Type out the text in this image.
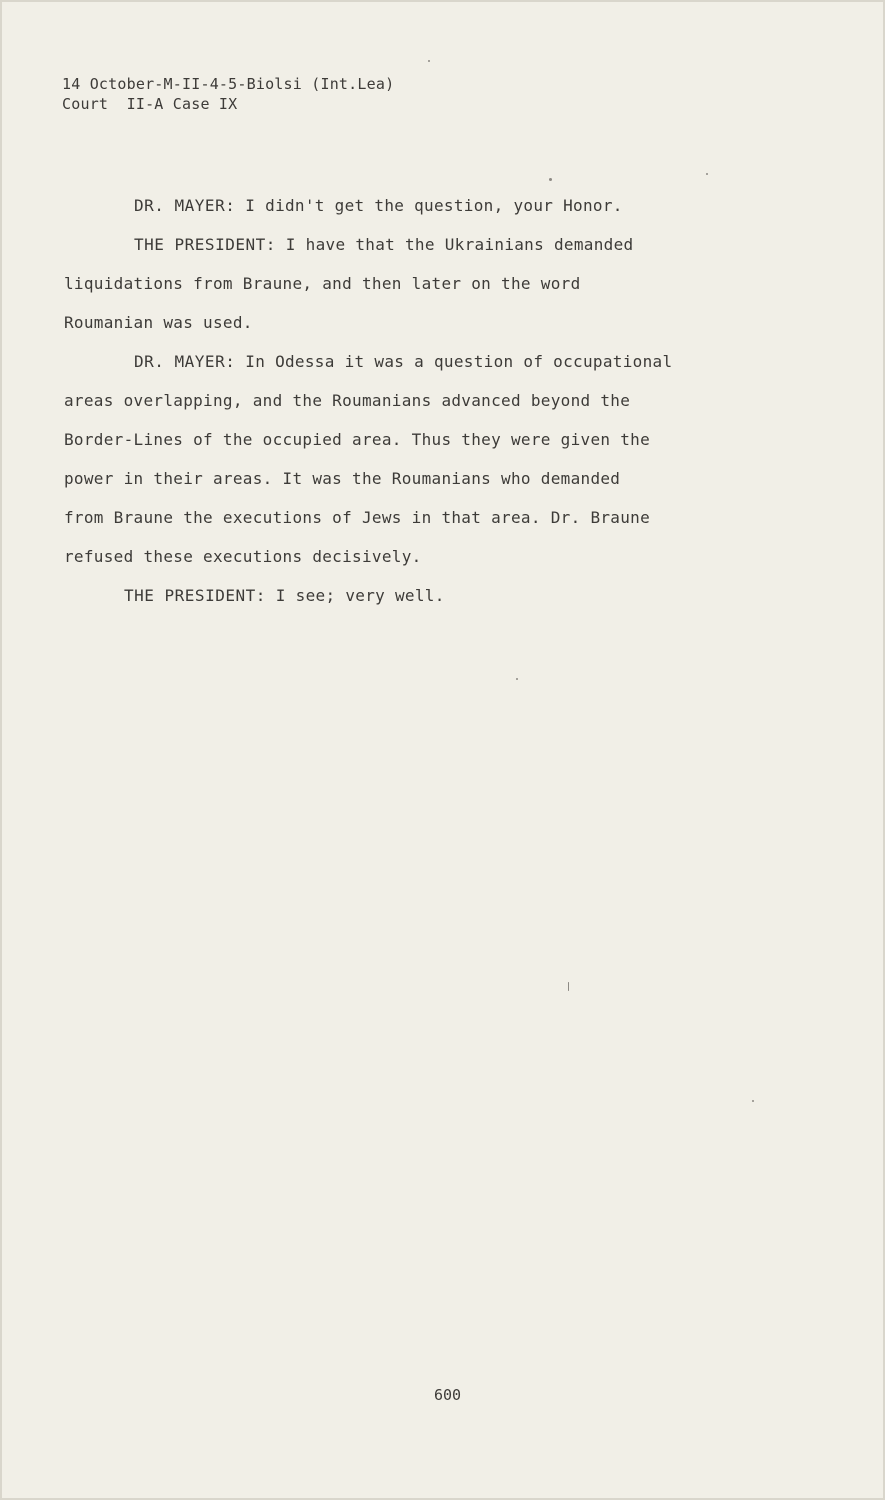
14 October-M-II-4-5-Biolsi (Int.Lea)
Court  II-A Case IX

DR. MAYER: I didn't get the question, your Honor.

THE PRESIDENT: I have that the Ukrainians demanded
liquidations from Braune, and then later on the word
Roumanian was used.

DR. MAYER: In Odessa it was a question of occupational
areas overlapping, and the Roumanians advanced beyond the
Border-Lines of the occupied area. Thus they were given the
power in their areas. It was the Roumanians who demanded
from Braune the executions of Jews in that area. Dr. Braune
refused these executions decisively.

THE PRESIDENT: I see; very well.

600
